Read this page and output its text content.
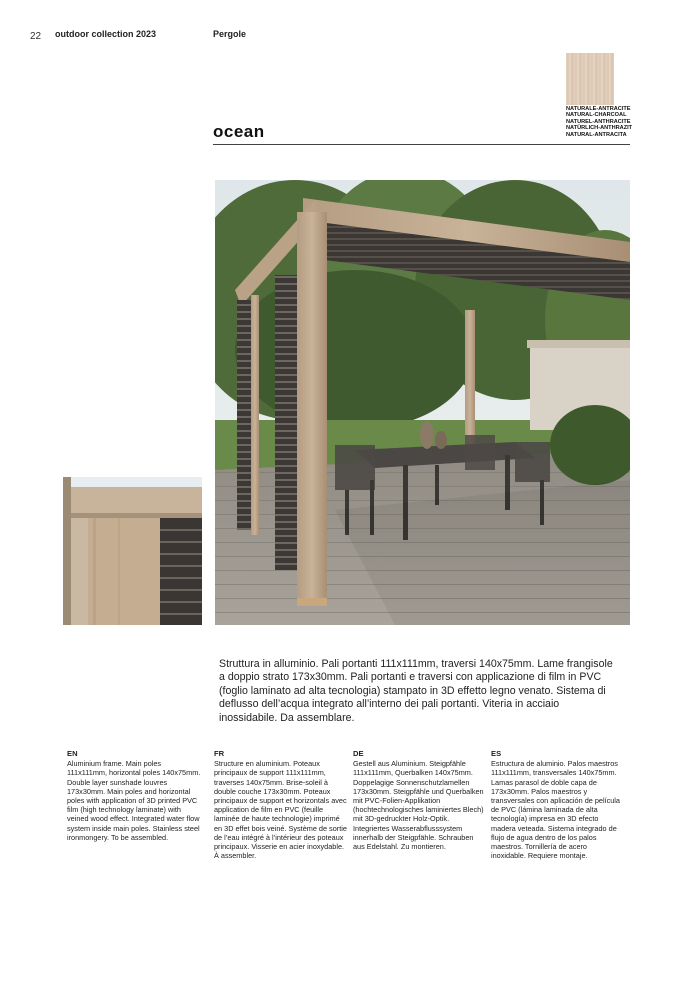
22 outdoor collection 2023	Pergole
NATURALE-ANTRACITE
NATURAL-CHARCOAL
NATUREL-ANTHRACITE
NATÜRLICH-ANTHRAZIT
NATURAL-ANTRACITA
ocean

Struttura in alluminio. Pali portanti 111x111mm, traversi 140x75mm. Lame frangisole a doppio strato 173x30mm. Pali portanti e traversi con applicazione di film in PVC (foglio laminato ad alta tecnologia) stampato in 3D effetto legno venato. Sistema di deflusso dell’acqua integrato all’interno dei pali portanti. Viteria in acciaio inossidabile. Da assemblare.

EN
Aluminium frame. Main poles 111x111mm, horizontal poles 140x75mm. Double layer sunshade louvres 173x30mm. Main poles and horizontal poles with application of 3D printed PVC film (high technology laminate) with veined wood effect. Integrated water flow system inside main poles. Stainless steel ironmongery. To be assembled.
FR
Structure en aluminium. Poteaux principaux de support 111x111mm, traverses 140x75mm. Brise-soleil à double couche 173x30mm. Poteaux principaux de support et horizontals avec application de film en PVC (feuille laminée de haute technologie) imprimé en 3D effet bois veiné. Système de sortie de l’eau intégré à l’intérieur des poteaux principaux. Visserie en acier inoxydable. À assembler.
DE
Gestell aus Aluminium. Steigpfähle 111x111mm, Querbalken 140x75mm. Doppelagige Sonnenschutzlamellen 173x30mm. Steigpfähle und Querbalken mit PVC-Folien-Applikation (hochtechnologisches laminiertes Blech) mit 3D-gedruckter Holz-Optik. Integriertes Wasserabflusssystem innerhalb der Steigpfähle. Schrauben aus Edelstahl. Zu montieren.
ES
Estructura de aluminio. Palos maestros 111x111mm, transversales 140x75mm. Lamas parasol de doble capa de 173x30mm. Palos maestros y transversales con aplicación de película de PVC (lámina laminada de alta tecnología) impresa en 3D efecto madera veteada. Sistema integrado de flujo de agua dentro de los palos maestros. Tornillería de acero inoxidable. Requiere montaje.
